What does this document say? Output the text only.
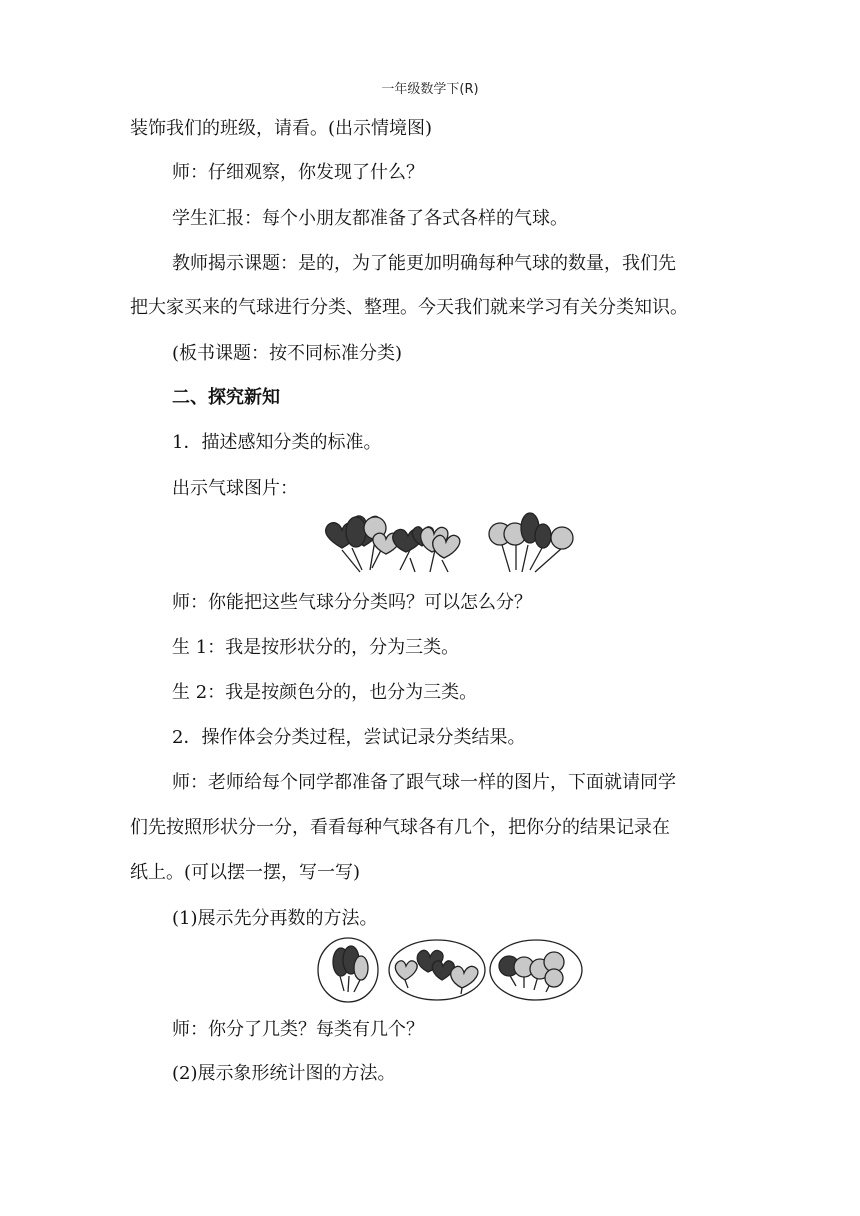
一年级数学下(R)
装饰我们的班级，请看。(出示情境图)
师：仔细观察，你发现了什么？
学生汇报：每个小朋友都准备了各式各样的气球。
教师揭示课题：是的，为了能更加明确每种气球的数量，我们先
把大家买来的气球进行分类、整理。今天我们就来学习有关分类知识。
(板书课题：按不同标准分类)
二、探究新知
1．描述感知分类的标准。
出示气球图片：
师：你能把这些气球分分类吗？可以怎么分？
生 1：我是按形状分的，分为三类。
生 2：我是按颜色分的，也分为三类。
2．操作体会分类过程，尝试记录分类结果。
师：老师给每个同学都准备了跟气球一样的图片，下面就请同学
们先按照形状分一分，看看每种气球各有几个，把你分的结果记录在
纸上。(可以摆一摆，写一写)
(1)展示先分再数的方法。
师：你分了几类？每类有几个？
(2)展示象形统计图的方法。
